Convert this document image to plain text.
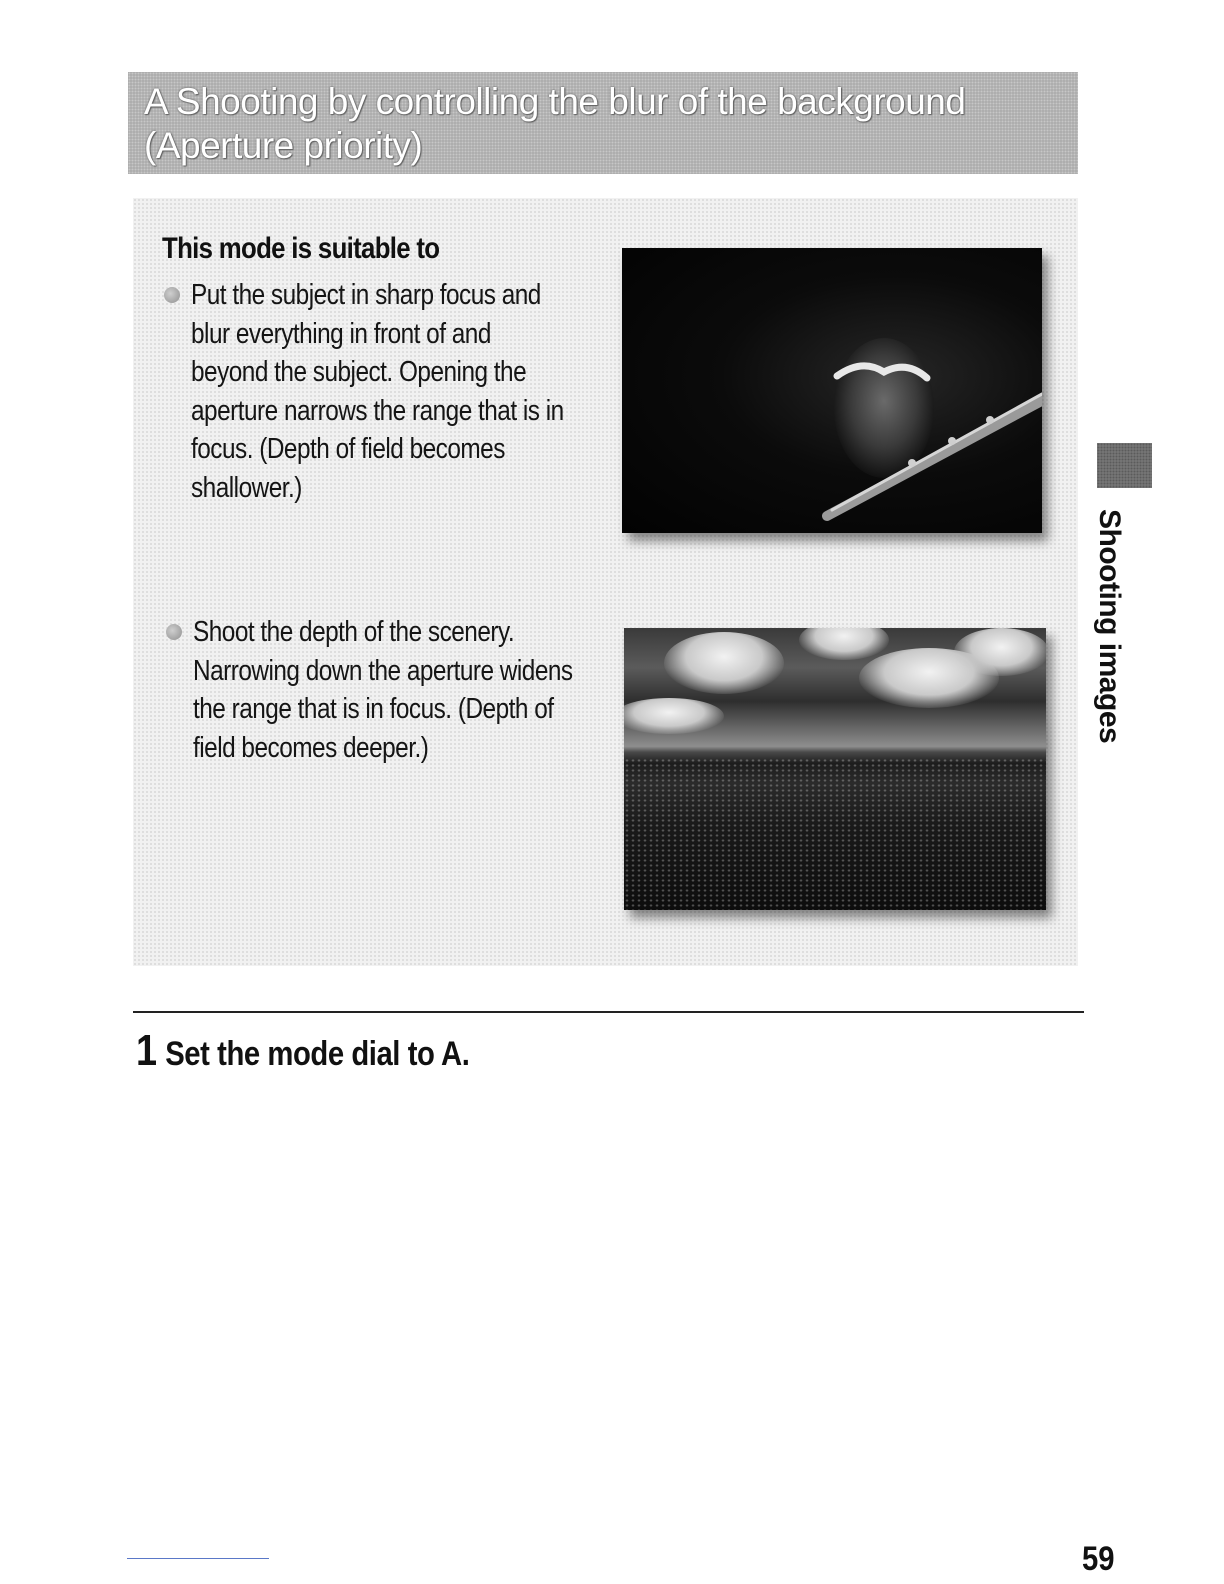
A Shooting by controlling the blur of the background
(Aperture priority)
This mode is suitable to
Put the subject in sharp focus and
blur everything in front of and
beyond the subject. Opening the
aperture narrows the range that is in
focus. (Depth of field becomes
shallower.)
Shoot the depth of the scenery.
Narrowing down the aperture widens
the range that is in focus. (Depth of
field becomes deeper.)
1 Set the mode dial to A.
Shooting images
59
